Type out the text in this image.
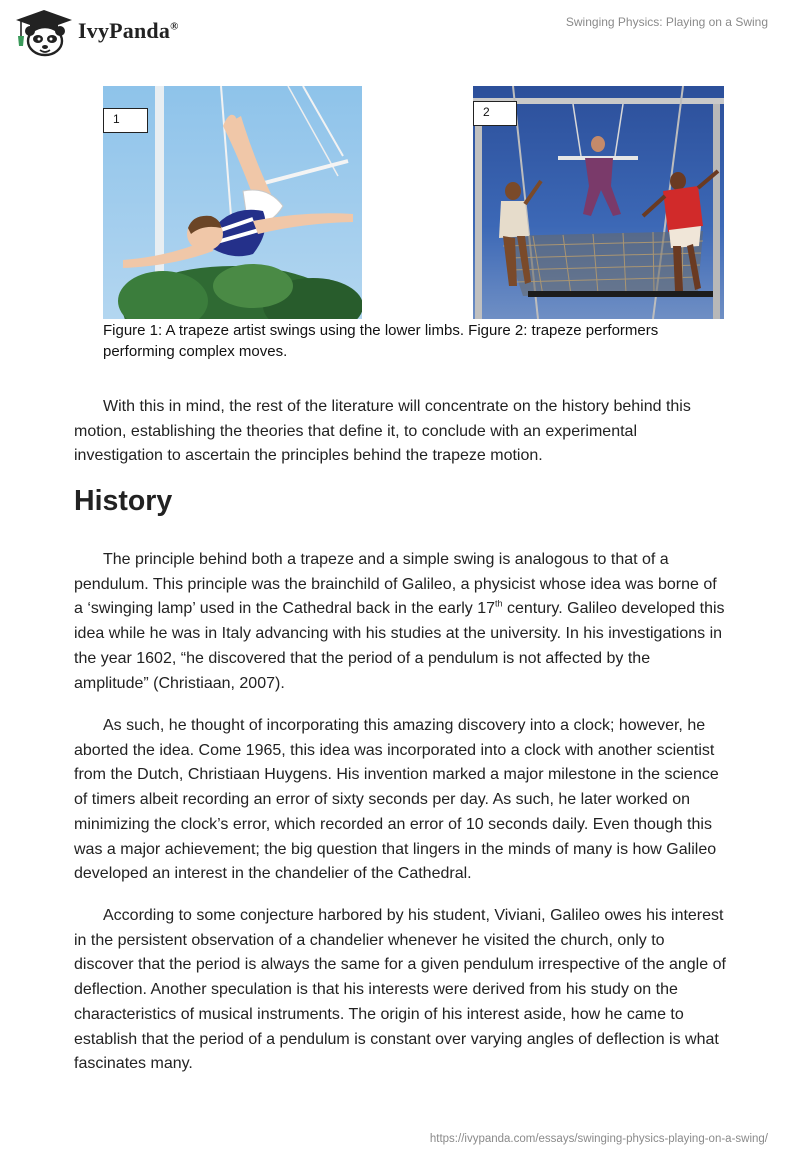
IvyPanda®	Swinging Physics: Playing on a Swing
1	2
Figure 1: A trapeze artist swings using the lower limbs. Figure 2: trapeze performers
performing complex moves.

With this in mind, the rest of the literature will concentrate on the history behind this motion, establishing the theories that define it, to conclude with an experimental investigation to ascertain the principles behind the trapeze motion.

History

The principle behind both a trapeze and a simple swing is analogous to that of a pendulum. This principle was the brainchild of Galileo, a physicist whose idea was borne of a ‘swinging lamp’ used in the Cathedral back in the early 17th century. Galileo developed this idea while he was in Italy advancing with his studies at the university. In his investigations in the year 1602, “he discovered that the period of a pendulum is not affected by the amplitude” (Christiaan, 2007).

As such, he thought of incorporating this amazing discovery into a clock; however, he aborted the idea. Come 1965, this idea was incorporated into a clock with another scientist from the Dutch, Christiaan Huygens. His invention marked a major milestone in the science of timers albeit recording an error of sixty seconds per day. As such, he later worked on minimizing the clock’s error, which recorded an error of 10 seconds daily. Even though this was a major achievement; the big question that lingers in the minds of many is how Galileo developed an interest in the chandelier of the Cathedral.

According to some conjecture harbored by his student, Viviani, Galileo owes his interest in the persistent observation of a chandelier whenever he visited the church, only to discover that the period is always the same for a given pendulum irrespective of the angle of deflection. Another speculation is that his interests were derived from his study on the characteristics of musical instruments. The origin of his interest aside, how he came to establish that the period of a pendulum is constant over varying angles of deflection is what fascinates many.

https://ivypanda.com/essays/swinging-physics-playing-on-a-swing/
